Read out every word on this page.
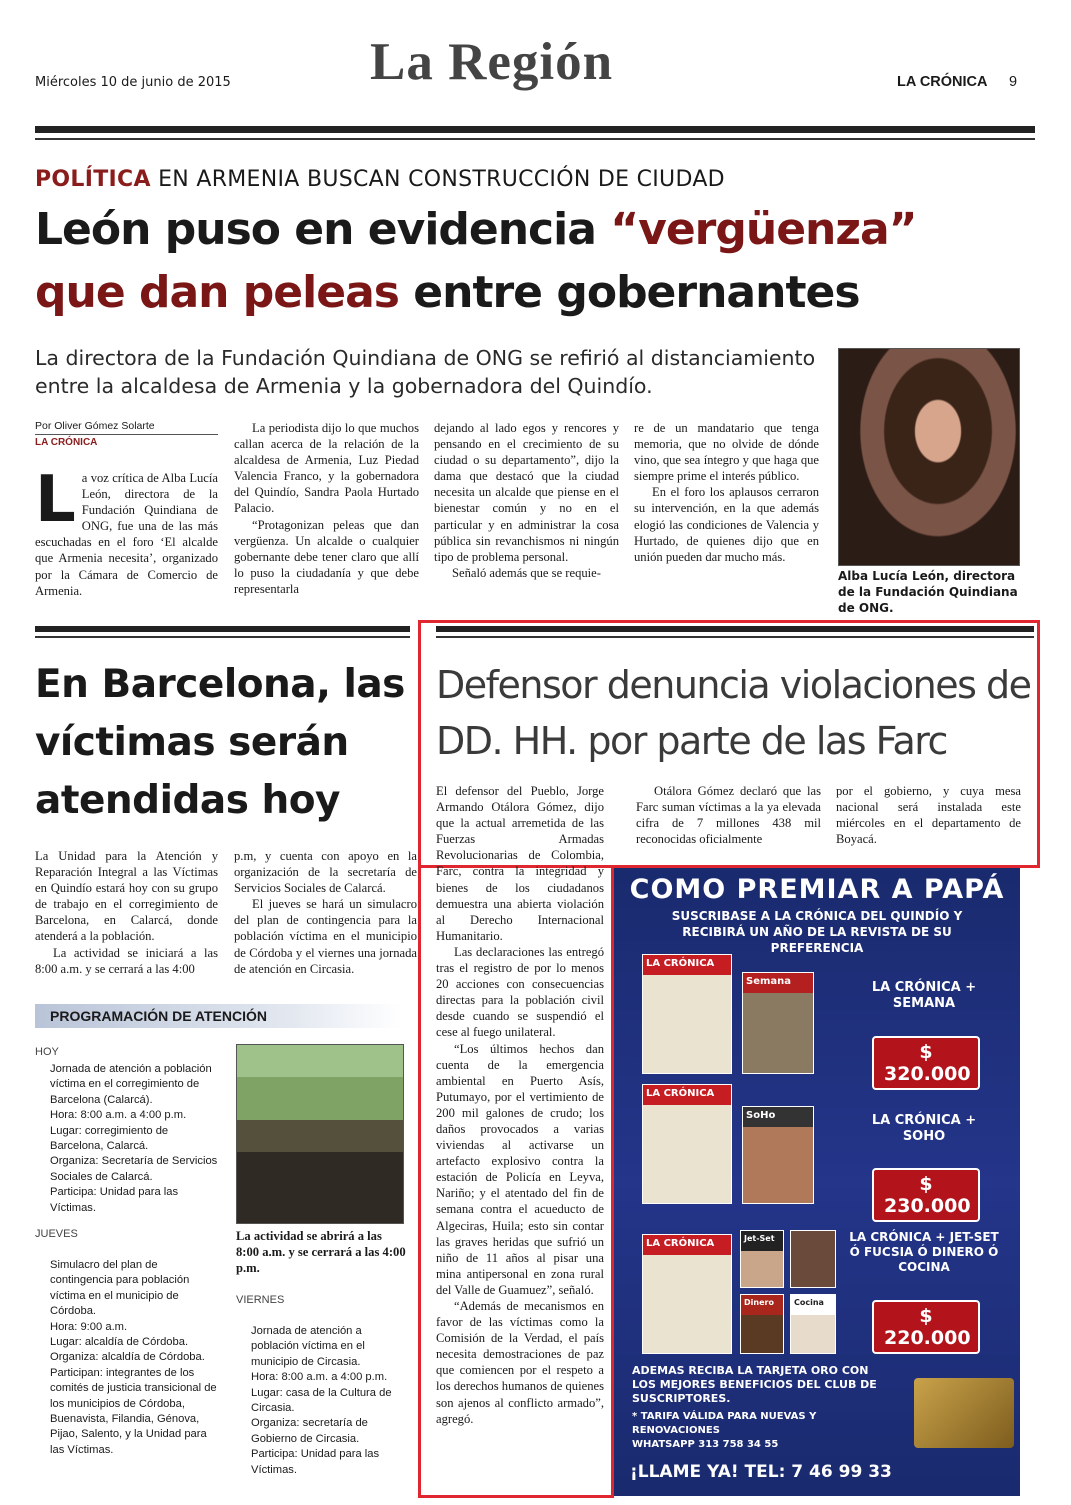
Miércoles 10 de junio de 2015	La Región	LA CRÓNICA 9
POLÍTICA EN ARMENIA BUSCAN CONSTRUCCIÓN DE CIUDAD
León puso en evidencia “vergüenza”
que dan peleas entre gobernantes
La directora de la Fundación Quindiana de ONG se refirió al distanciamiento entre la alcaldesa de Armenia y la gobernadora del Quindío.
Por Oliver Gómez Solarte
LA CRÓNICA

La voz crítica de Alba Lucía León, directora de la Fundación Quindiana de ONG, fue una de las más escuchadas en el foro ‘El alcalde que Armenia necesita’, organizado por la Cámara de Comercio de Armenia.

La periodista dijo lo que muchos callan acerca de la relación de la alcaldesa de Armenia, Luz Piedad Valencia Franco, y la gobernadora del Quindío, Sandra Paola Hurtado Palacio.

“Protagonizan peleas que dan vergüenza. Un alcalde o cualquier gobernante debe tener claro que allí lo puso la ciudadanía y que debe representarla

dejando al lado egos y rencores y pensando en el crecimiento de su ciudad o su departamento”, dijo la dama que destacó que la ciudad necesita un alcalde que piense en el bienestar común y no en el particular y en administrar la cosa pública sin revanchismos ni ningún tipo de problema personal.

Señaló además que se requie-

re de un mandatario que tenga memoria, que no olvide de dónde vino, que sea íntegro y que haga que siempre prime el interés público.

En el foro los aplausos cerraron su intervención, en la que además elogió las condiciones de Valencia y Hurtado, de quienes dijo que en unión pueden dar mucho más.

Alba Lucía León, directora de la Fundación Quindiana de ONG.
En Barcelona, las víctimas serán atendidas hoy

La Unidad para la Atención y Reparación Integral a las Víctimas en Quindío estará hoy con su grupo de trabajo en el corregimiento de Barcelona, en Calarcá, donde atenderá a la población.

La actividad se iniciará a las 8:00 a.m. y se cerrará a las 4:00

p.m, y cuenta con apoyo en la organización de la secretaría de Servicios Sociales de Calarcá.

El jueves se hará un simulacro del plan de contingencia para la población víctima en el municipio de Córdoba y el viernes una jornada de atención en Circasia.

PROGRAMACIÓN DE ATENCIÓN
HOY
Jornada de atención a población víctima en el corregimiento de Barcelona (Calarcá).
Hora: 8:00 a.m. a 4:00 p.m.
Lugar: corregimiento de Barcelona, Calarcá.
Organiza: Secretaría de Servicios Sociales de Calarcá.
Participa: Unidad para las Víctimas.
JUEVES
Simulacro del plan de contingencia para población víctima en el municipio de Córdoba.
Hora: 9:00 a.m.
Lugar: alcaldía de Córdoba.
Organiza: alcaldía de Córdoba.
Participan: integrantes de los comités de justicia transicional de los municipios de Córdoba, Buenavista, Filandia, Génova, Pijao, Salento, y la Unidad para las Víctimas.
La actividad se abrirá a las 8:00 a.m. y se cerrará a las 4:00 p.m.
VIERNES
Jornada de atención a población víctima en el municipio de Circasia.
Hora: 8:00 a.m. a 4:00 p.m.
Lugar: casa de la Cultura de Circasia.
Organiza: secretaría de Gobierno de Circasia.
Participa: Unidad para las Víctimas.
Defensor denuncia violaciones de DD. HH. por parte de las Farc

El defensor del Pueblo, Jorge Armando Otálora Gómez, dijo que la actual arremetida de las Fuerzas Armadas Revolucionarias de Colombia, Farc, contra la integridad y bienes de los ciudadanos demuestra una abierta violación al Derecho Internacional Humanitario.

Las declaraciones las entregó tras el registro de por lo menos 20 acciones con consecuencias directas para la población civil desde cuando se suspendió el cese al fuego unilateral.

“Los últimos hechos dan cuenta de la emergencia ambiental en Puerto Asís, Putumayo, por el vertimiento de 200 mil galones de crudo; los daños provocados a varias viviendas al activarse un artefacto explosivo contra la estación de Policía en Leyva, Nariño; y el atentado del fin de semana contra el acueducto de Algeciras, Huila; esto sin contar las graves heridas que sufrió un niño de 11 años al pisar una mina antipersonal en zona rural del Valle de Guamuez”, señaló.

“Además de mecanismos en favor de las víctimas como la Comisión de la Verdad, el país necesita demostraciones de paz que comiencen por el respeto a los derechos humanos de quienes son ajenos al conflicto armado”, agregó.

Otálora Gómez declaró que las Farc suman víctimas a la ya elevada cifra de 7 millones 438 mil reconocidas oficialmente

por el gobierno, y cuya mesa nacional será instalada este miércoles en el departamento de Boyacá.

COMO PREMIAR A PAPÁ
SUSCRIBASE A LA CRÓNICA DEL QUINDÍO Y RECIBIRÁ UN AÑO DE LA REVISTA DE SU PREFERENCIA
LA CRÓNICA
Semana	LA CRÓNICA + SEMANA
$ 320.000
LA CRÓNICA
SoHo	LA CRÓNICA + SOHO
$ 230.000
LA CRÓNICA	Jet-Set
Dinero	Cocina
LA CRÓNICA + JET-SET Ó FUCSIA Ó DINERO Ó COCINA
$ 220.000
ADEMAS RECIBA LA TARJETA ORO CON LOS MEJORES BENEFICIOS DEL CLUB DE SUSCRIPTORES.
* TARIFA VÁLIDA PARA NUEVAS Y RENOVACIONES
WHATSAPP 313 758 34 55
¡LLAME YA! TEL: 7 46 99 33
